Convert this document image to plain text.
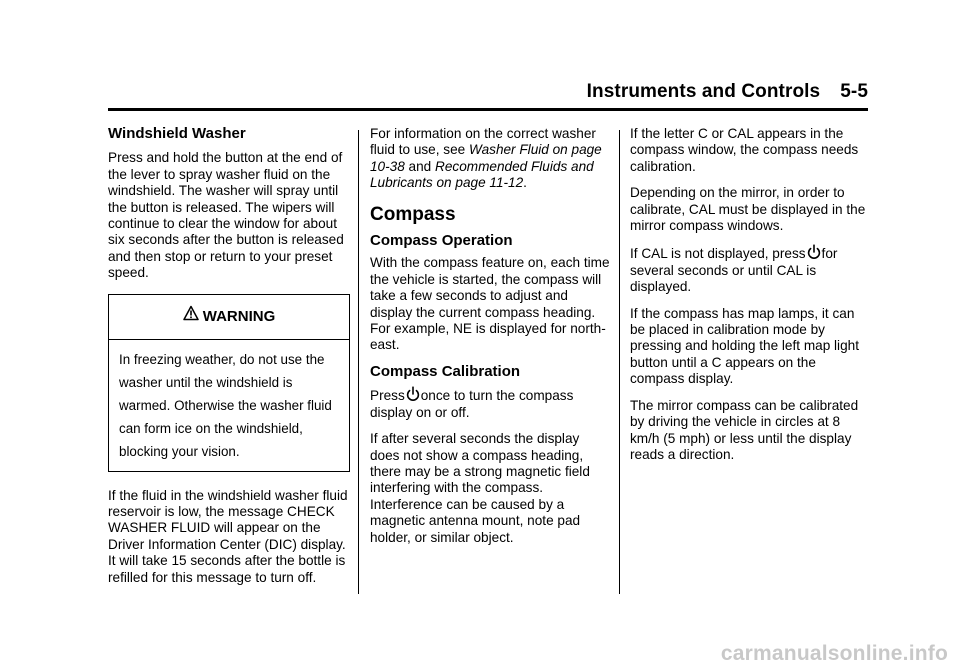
Instruments and Controls 5-5
Windshield Washer

Press and hold the button at the end of the lever to spray washer fluid on the windshield. The washer will spray until the button is released. The wipers will continue to clear the window for about six seconds after the button is released and then stop or return to your preset speed.

WARNING

In freezing weather, do not use the washer until the windshield is warmed. Otherwise the washer fluid can form ice on the windshield, blocking your vision.

If the fluid in the windshield washer fluid reservoir is low, the message CHECK WASHER FLUID will appear on the Driver Information Center (DIC) display. It will take 15 seconds after the bottle is refilled for this message to turn off.

For information on the correct washer fluid to use, see Washer Fluid on page 10-38 and Recommended Fluids and Lubricants on page 11-12.

Compass
Compass Operation

With the compass feature on, each time the vehicle is started, the compass will take a few seconds to adjust and display the current compass heading. For example, NE is displayed for north-east.

Compass Calibration

Press once to turn the compass display on or off.

If after several seconds the display does not show a compass heading, there may be a strong magnetic field interfering with the compass. Interference can be caused by a magnetic antenna mount, note pad holder, or similar object.

If the letter C or CAL appears in the compass window, the compass needs calibration.

Depending on the mirror, in order to calibrate, CAL must be displayed in the mirror compass windows.

If CAL is not displayed, press for several seconds or until CAL is displayed.

If the compass has map lamps, it can be placed in calibration mode by pressing and holding the left map light button until a C appears on the compass display.

The mirror compass can be calibrated by driving the vehicle in circles at 8 km/h (5 mph) or less until the display reads a direction.

carmanualsonline.info
